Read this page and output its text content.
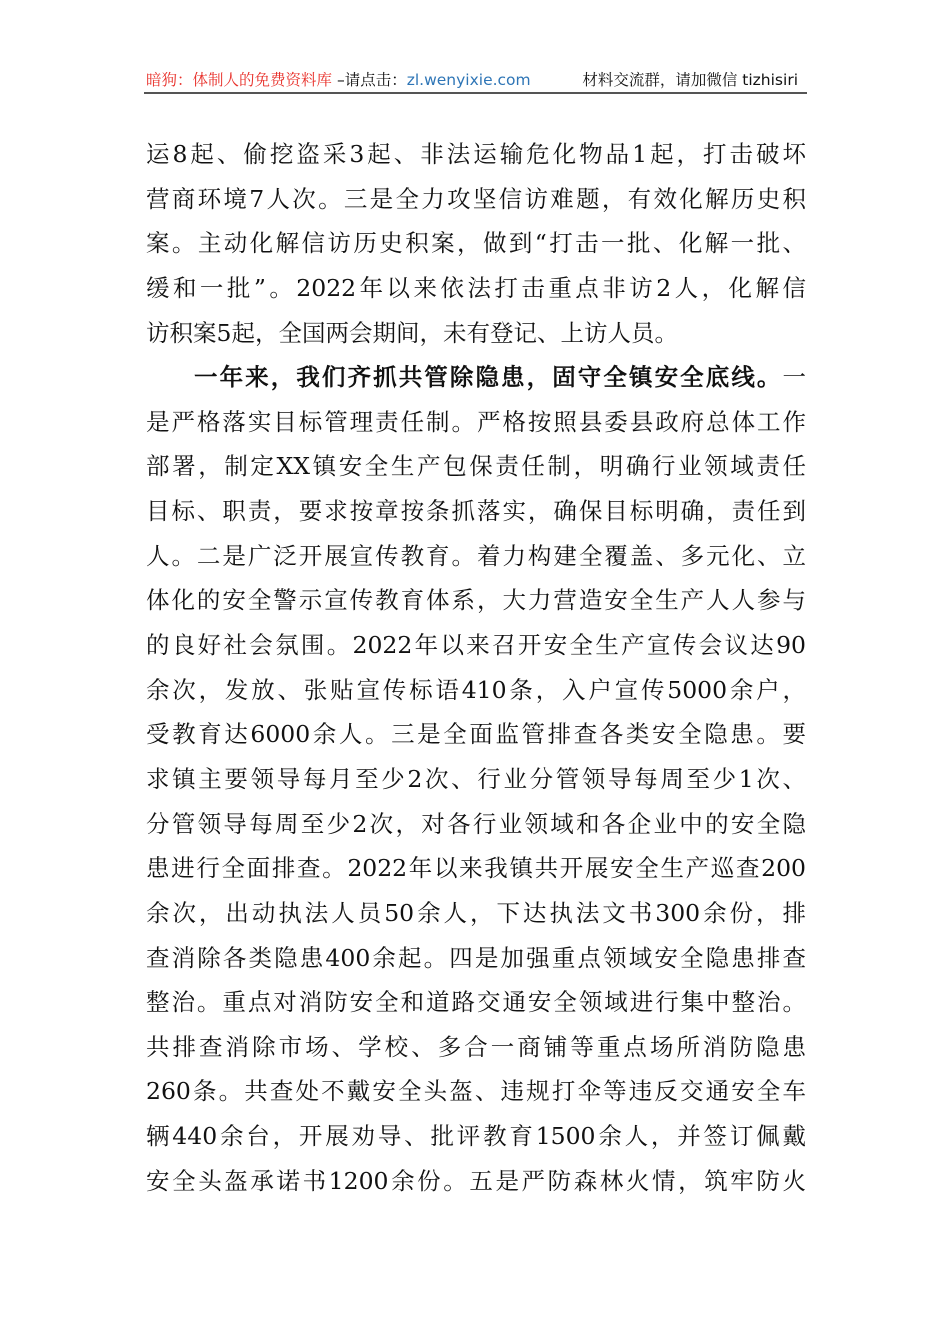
暗狗：体制人的免费资料库 –请点击：zl.wenyixie.com	材料交流群，请加微信 tizhisiri
运8起、偷挖盗采3起、非法运输危化物品1起，打击破坏
营商环境7人次。三是全力攻坚信访难题，有效化解历史积
案。主动化解信访历史积案，做到“打击一批、化解一批、
缓和一批”。2022年以来依法打击重点非访2人，化解信
访积案5起，全国两会期间，未有登记、上访人员。
一年来，我们齐抓共管除隐患，固守全镇安全底线。一
是严格落实目标管理责任制。严格按照县委县政府总体工作
部署，制定XX镇安全生产包保责任制，明确行业领域责任
目标、职责，要求按章按条抓落实，确保目标明确，责任到
人。二是广泛开展宣传教育。着力构建全覆盖、多元化、立
体化的安全警示宣传教育体系，大力营造安全生产人人参与
的良好社会氛围。2022年以来召开安全生产宣传会议达90
余次，发放、张贴宣传标语410条，入户宣传5000余户，
受教育达6000余人。三是全面监管排查各类安全隐患。要
求镇主要领导每月至少2次、行业分管领导每周至少1次、
分管领导每周至少2次，对各行业领域和各企业中的安全隐
患进行全面排查。2022年以来我镇共开展安全生产巡查200
余次，出动执法人员50余人，下达执法文书300余份，排
查消除各类隐患400余起。四是加强重点领域安全隐患排查
整治。重点对消防安全和道路交通安全领域进行集中整治。
共排查消除市场、学校、多合一商铺等重点场所消防隐患
260条。共查处不戴安全头盔、违规打伞等违反交通安全车
辆440余台，开展劝导、批评教育1500余人，并签订佩戴
安全头盔承诺书1200余份。五是严防森林火情，筑牢防火
